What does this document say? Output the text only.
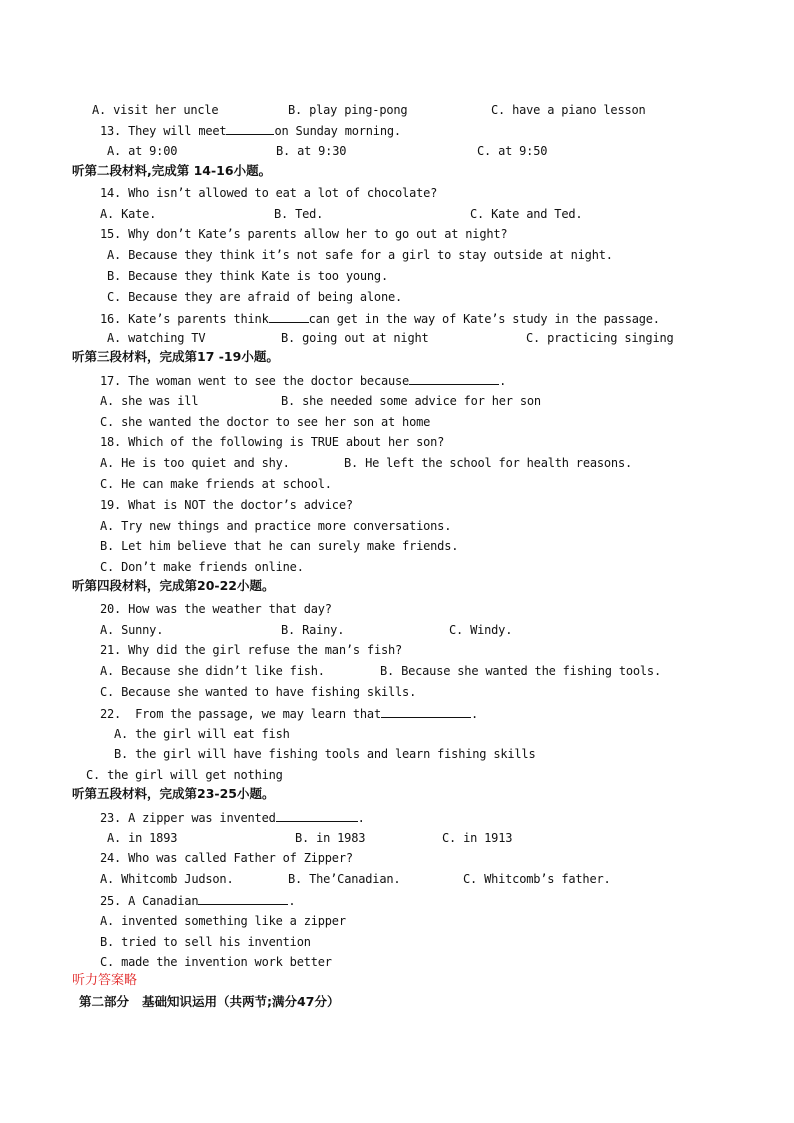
A. visit her uncle	B. play ping-pong	C. have a piano lesson
13. They will meet	on Sunday morning.
A. at 9:00	B. at 9:30	C. at 9:50
听第二段材料,完成第 14-16小题。
14. Who isn’t allowed to eat a lot of chocolate?
A. Kate.	B. Ted.	C. Kate and Ted.
15. Why don’t Kate’s parents allow her to go out at night?
A. Because they think it’s not safe for a girl to stay outside at night.
B. Because they think Kate is too young.
C. Because they are afraid of being alone.
16. Kate’s parents think	can get in the way of Kate’s study in the passage.
A. watching TV	B. going out at night	C. practicing singing
听第三段材料，完成第17 -19小题。
17. The woman went to see the doctor because	.
A. she was ill	B. she needed some advice for her son
C. she wanted the doctor to see her son at home
18. Which of the following is TRUE about her son?
A. He is too quiet and shy.	B. He left the school for health reasons.
C. He can make friends at school.
19. What is NOT the doctor’s advice?
A. Try new things and practice more conversations.
B. Let him believe that he can surely make friends.
C. Don’t make friends online.
听第四段材料，完成第20-22小题。
20. How was the weather that day?
A. Sunny.	B. Rainy.	C. Windy.
21. Why did the girl refuse the man’s fish?
A. Because she didn’t like fish.	B. Because she wanted the fishing tools.
C. Because she wanted to have fishing skills.
22.  From the passage, we may learn that	.
A. the girl will eat fish
B. the girl will have fishing tools and learn fishing skills
C. the girl will get nothing
听第五段材料，完成第23-25小题。
23. A zipper was invented	.
A. in 1893	B. in 1983	C. in 1913
24. Who was called Father of Zipper?
A. Whitcomb Judson.	B. The’Canadian.	C. Whitcomb’s father.
25. A Canadian	.
A. invented something like a zipper
B. tried to sell his invention
C. made the invention work better
听力答案略
第二部分   基础知识运用（共两节;满分47分）
